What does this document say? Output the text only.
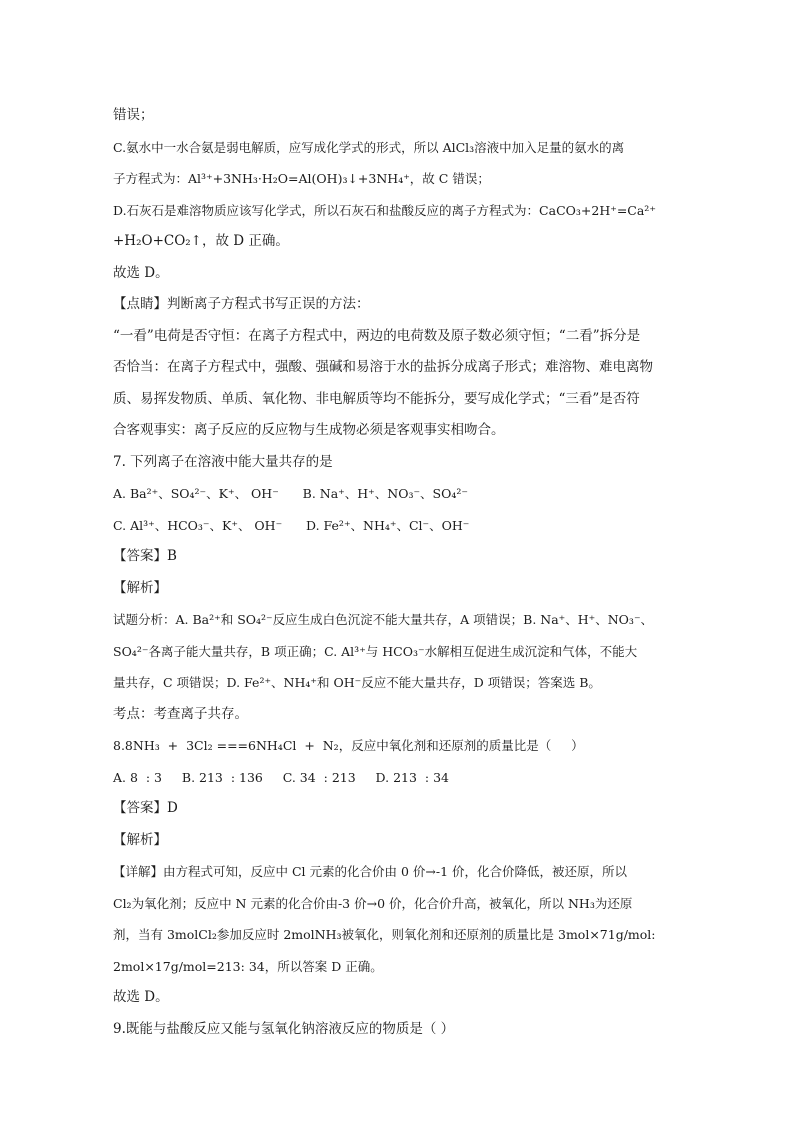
错误；
C.氨水中一水合氨是弱电解质，应写成化学式的形式，所以 AlCl₃溶液中加入足量的氨水的离
子方程式为：Al³⁺+3NH₃·H₂O=Al(OH)₃↓+3NH₄⁺，故 C 错误；
D.石灰石是难溶物质应该写化学式，所以石灰石和盐酸反应的离子方程式为：CaCO₃+2H⁺=Ca²⁺
+H₂O+CO₂↑，故 D 正确。
故选 D。
【点睛】判断离子方程式书写正误的方法：
“一看”电荷是否守恒：在离子方程式中，两边的电荷数及原子数必须守恒；“二看”拆分是
否恰当：在离子方程式中，强酸、强碱和易溶于水的盐拆分成离子形式；难溶物、难电离物
质、易挥发物质、单质、氧化物、非电解质等均不能拆分，要写成化学式；“三看”是否符
合客观事实：离子反应的反应物与生成物必须是客观事实相吻合。
7. 下列离子在溶液中能大量共存的是
A. Ba²⁺、SO₄²⁻、K⁺、 OH⁻      B. Na⁺、H⁺、NO₃⁻、SO₄²⁻
C. Al³⁺、HCO₃⁻、K⁺、 OH⁻      D. Fe²⁺、NH₄⁺、Cl⁻、OH⁻
【答案】B
【解析】
试题分析：A. Ba²⁺和 SO₄²⁻反应生成白色沉淀不能大量共存，A 项错误；B. Na⁺、H⁺、NO₃⁻、
SO₄²⁻各离子能大量共存，B 项正确；C. Al³⁺与 HCO₃⁻水解相互促进生成沉淀和气体，不能大
量共存，C 项错误；D. Fe²⁺、NH₄⁺和 OH⁻反应不能大量共存，D 项错误；答案选 B。
考点：考查离子共存。
8.8NH₃  +  3Cl₂ ===6NH₄Cl  +  N₂，反应中氧化剂和还原剂的质量比是（     ）
A. 8  : 3     B. 213  : 136     C. 34  : 213     D. 213  : 34
【答案】D
【解析】
【详解】由方程式可知，反应中 Cl 元素的化合价由 0 价→-1 价，化合价降低，被还原，所以
Cl₂为氧化剂；反应中 N 元素的化合价由-3 价→0 价，化合价升高，被氧化，所以 NH₃为还原
剂，当有 3molCl₂参加反应时 2molNH₃被氧化，则氧化剂和还原剂的质量比是 3mol×71g/mol:
2mol×17g/mol=213: 34，所以答案 D 正确。
故选 D。
9.既能与盐酸反应又能与氢氧化钠溶液反应的物质是（ ）
